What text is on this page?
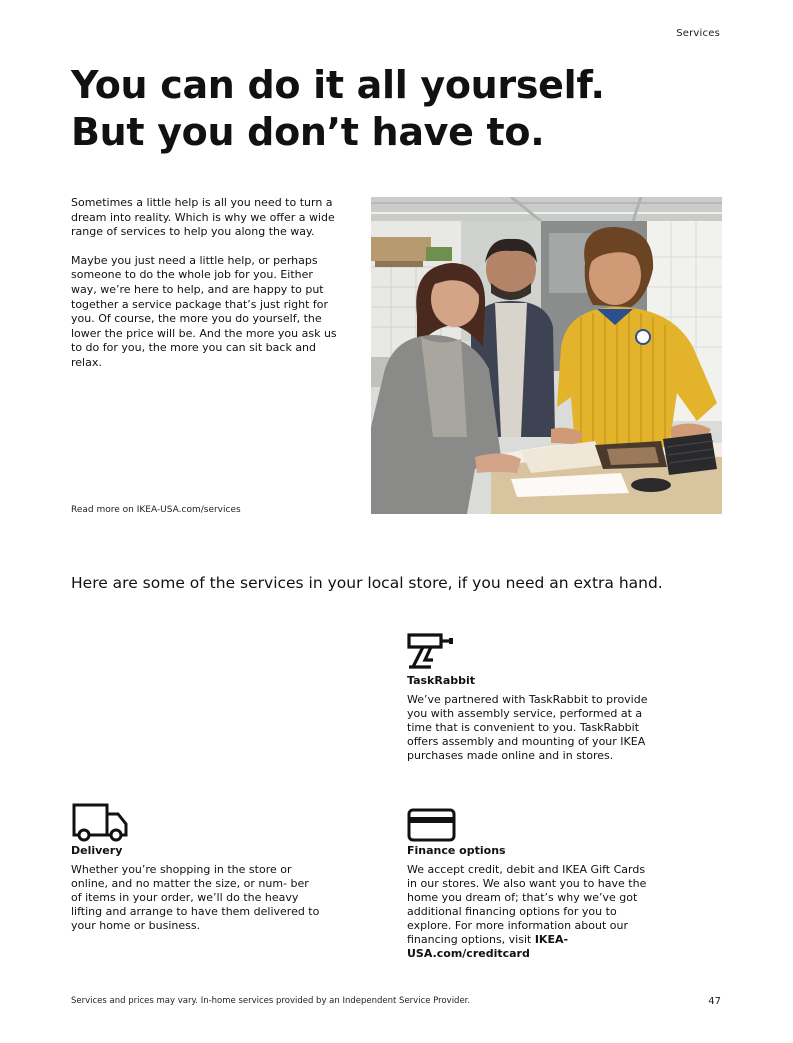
Services
You can do it all yourself.
But you don’t have to.

Sometimes a little help is all you need to turn a dream into reality. Which is why we offer a wide range of services to help you along the way.

Maybe you just need a little help, or perhaps someone to do the whole job for you. Either way, we’re here to help, and are happy to put together a service package that’s just right for you. Of course, the more you do yourself, the lower the price will be. And the more you ask us to do for you, the more you can sit back and relax.

Read more on IKEA-USA.com/services
Here are some of the services in your local store, if you need an extra hand.
TaskRabbit

We’ve partnered with TaskRabbit to provide you with assembly service, performed at a time that is convenient to you. TaskRabbit offers assembly and mounting of your IKEA purchases made online and in stores.

Delivery

Whether you’re shopping in the store or online, and no matter the size, or num- ber of items in your order, we’ll do the heavy lifting and arrange to have them delivered to your home or business.

Finance options

We accept credit, debit and IKEA Gift Cards in our stores. We also want you to have the home you dream of; that’s why we’ve got additional financing options for you to explore. For more information about our financing options, visit IKEA-USA.com/creditcard

Services and prices may vary. In-home services provided by an Independent Service Provider.	47
